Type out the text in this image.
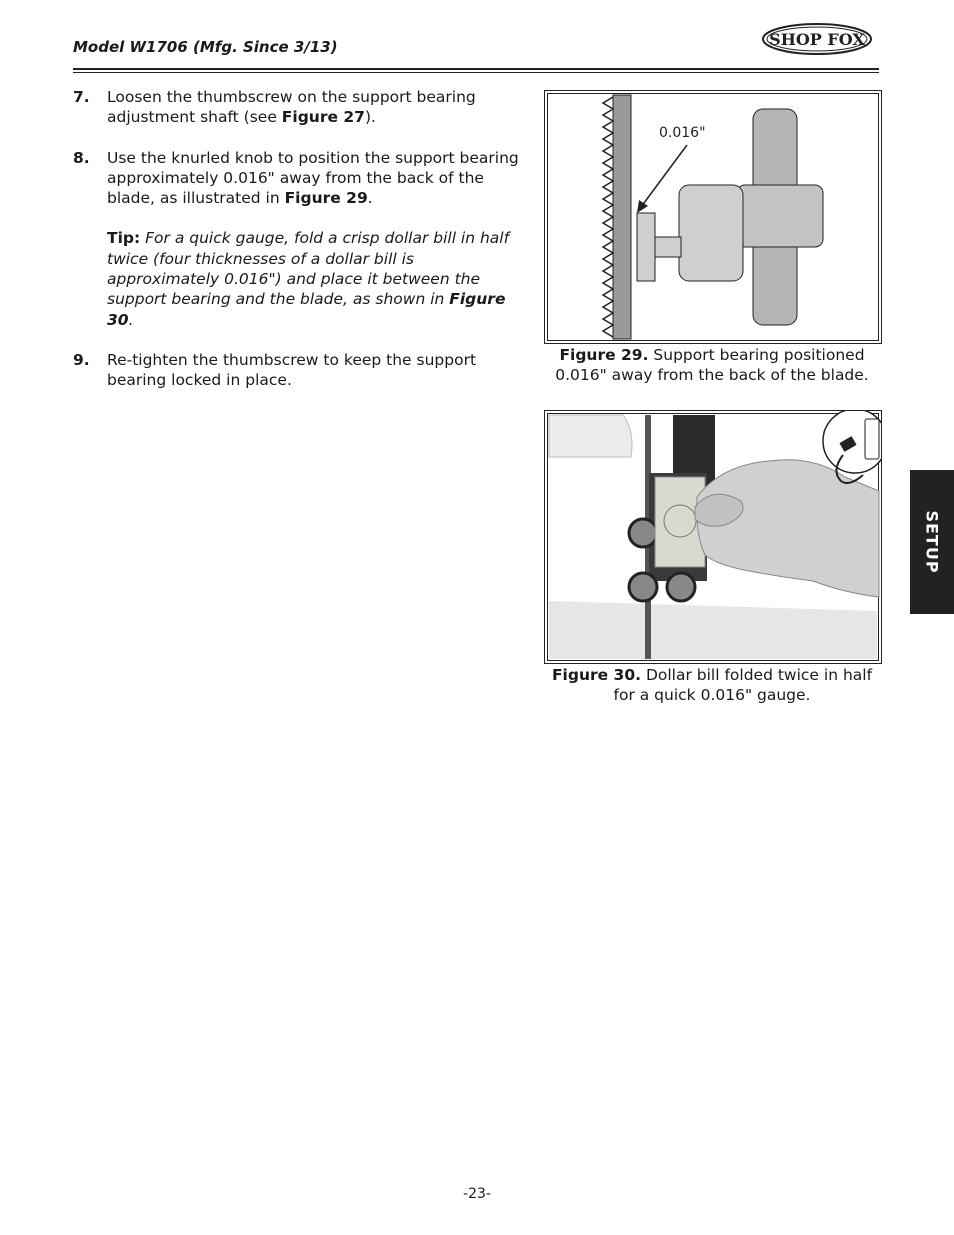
Model W1706 (Mfg. Since 3/13)	SHOP FOX
7. Loosen the thumbscrew on the support bearing adjustment shaft (see Figure 27).
8. Use the knurled knob to position the support bearing approximately 0.016" away from the back of the blade, as illustrated in Figure 29.
Tip: For a quick gauge, fold a crisp dollar bill in half twice (four thicknesses of a dollar bill is approximately 0.016") and place it between the support bearing and the blade, as shown in Figure 30.
9. Re-tighten the thumbscrew to keep the support bearing locked in place.
0.016"
Figure 29. Support bearing positioned 0.016" away from the back of the blade.
Figure 30. Dollar bill folded twice in half for a quick 0.016" gauge.
SETUP
-23-
